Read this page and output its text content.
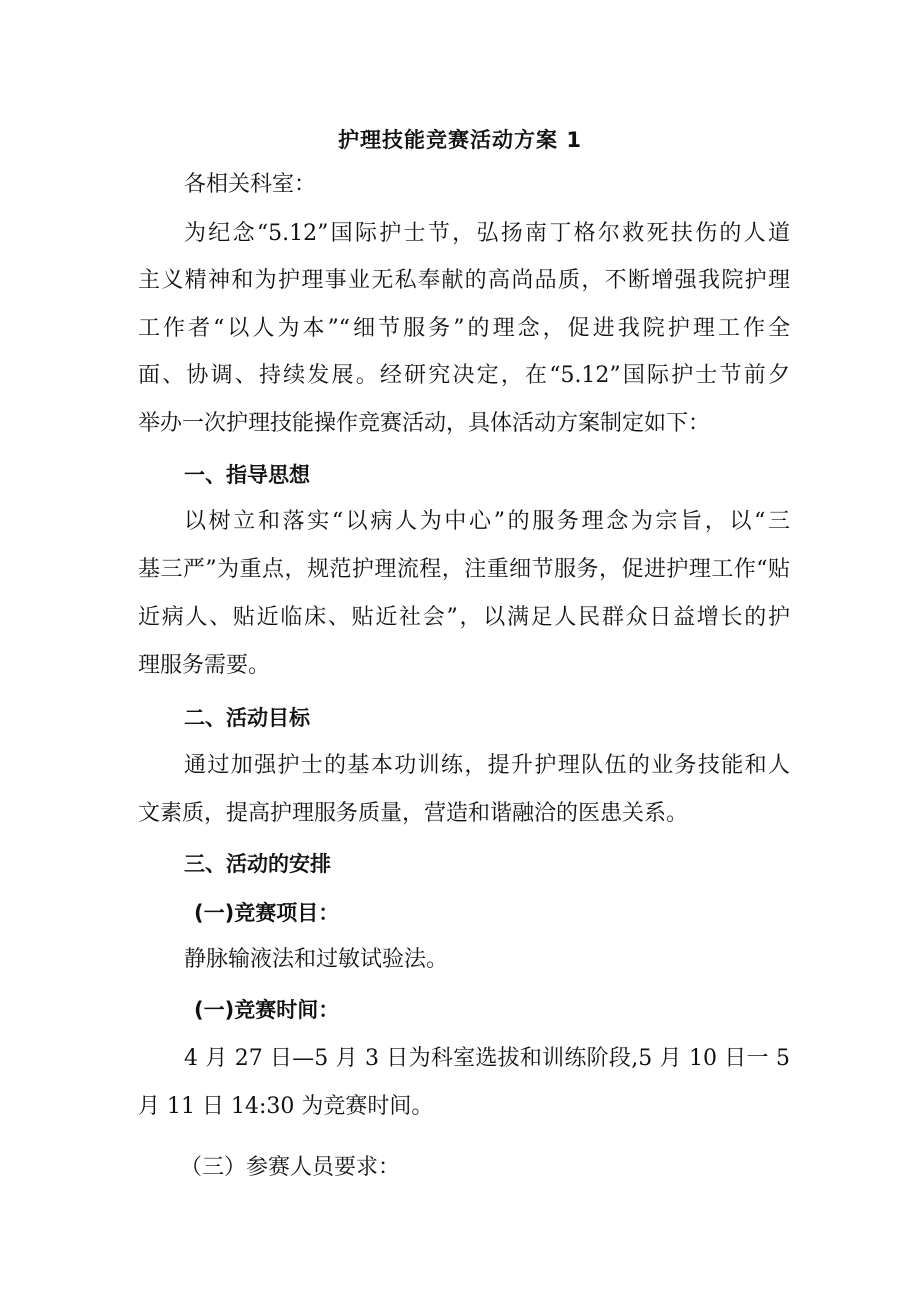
护理技能竞赛活动方案 1
各相关科室：
为纪念“5.12”国际护士节，弘扬南丁格尔救死扶伤的人道
主义精神和为护理事业无私奉献的高尚品质，不断增强我院护理
工作者“以人为本”“细节服务”的理念，促进我院护理工作全
面、协调、持续发展。经研究决定，在“5.12”国际护士节前夕
举办一次护理技能操作竞赛活动，具体活动方案制定如下：
一、指导思想
以树立和落实“以病人为中心”的服务理念为宗旨，以“三
基三严”为重点，规范护理流程，注重细节服务，促进护理工作“贴
近病人、贴近临床、贴近社会”，以满足人民群众日益增长的护
理服务需要。
二、活动目标
通过加强护士的基本功训练，提升护理队伍的业务技能和人
文素质，提高护理服务质量，营造和谐融洽的医患关系。
三、活动的安排
(一)竞赛项目：
静脉输液法和过敏试验法。
(一)竞赛时间：
4 月 27 日—5 月 3 日为科室选拔和训练阶段,5 月 10 日一 5
月 11 日 14:30 为竞赛时间。
（三）参赛人员要求：
